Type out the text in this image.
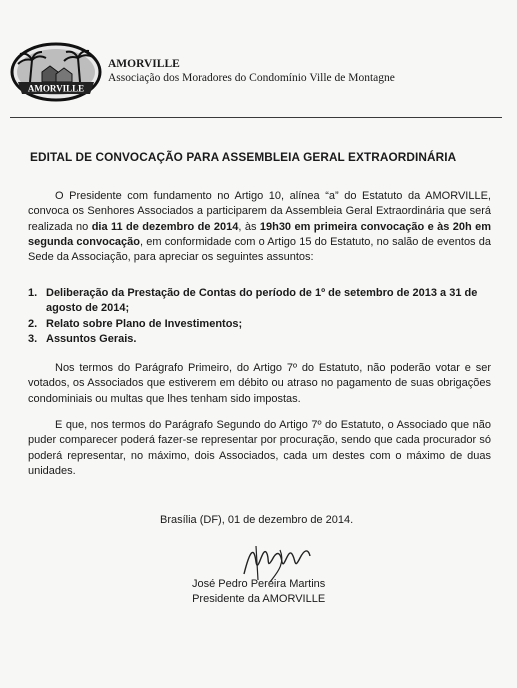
AMORVILLE
AMORVILLE
Associação dos Moradores do Condomínio Ville de Montagne
EDITAL DE CONVOCAÇÃO PARA ASSEMBLEIA GERAL EXTRAORDINÁRIA

O Presidente com fundamento no Artigo 10, alínea “a” do Estatuto da AMORVILLE, convoca os Senhores Associados a participarem da Assembleia Geral Extraordinária que será realizada no dia 11 de dezembro de 2014, às 19h30 em primeira convocação e às 20h em segunda convocação, em conformidade com o Artigo 15 do Estatuto, no salão de eventos da Sede da Associação, para apreciar os seguintes assuntos:

1. Deliberação da Prestação de Contas do período de 1º de setembro de 2013 a 31 de agosto de 2014;
2. Relato sobre Plano de Investimentos;
3. Assuntos Gerais.

Nos termos do Parágrafo Primeiro, do Artigo 7º do Estatuto, não poderão votar e ser votados, os Associados que estiverem em débito ou atraso no pagamento de suas obrigações condominiais ou multas que lhes tenham sido impostas.

E que, nos termos do Parágrafo Segundo do Artigo 7º do Estatuto, o Associado que não puder comparecer poderá fazer-se representar por procuração, sendo que cada procurador só poderá representar, no máximo, dois Associados, cada um destes com o máximo de duas unidades.

Brasília (DF), 01 de dezembro de 2014.
José Pedro Pereira Martins
Presidente da AMORVILLE
